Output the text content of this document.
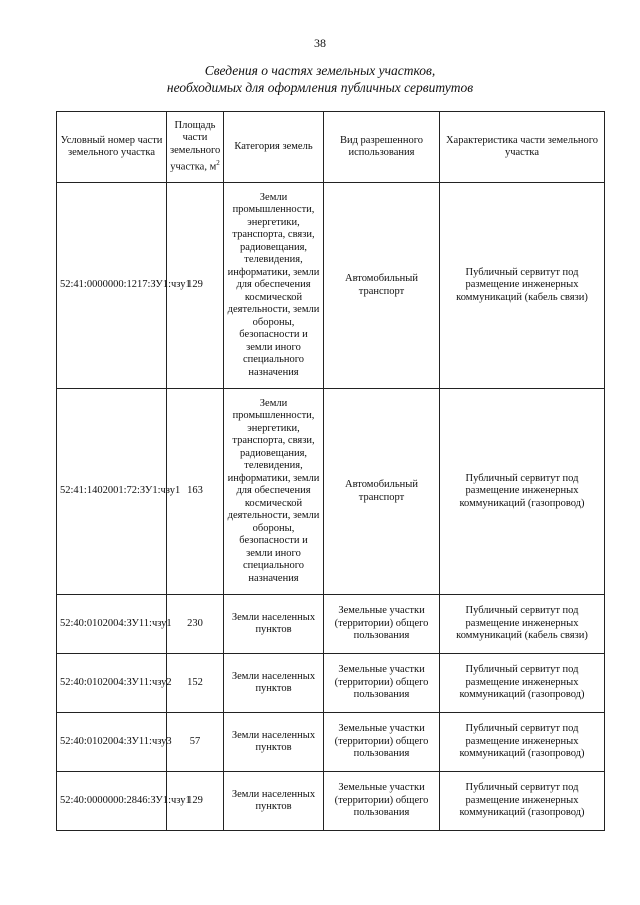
38
Сведения о частях земельных участков,
необходимых для оформления публичных сервитутов
Условный номер части земельного участка	Площадь части земельного участка, $м^2$	Категория земель	Вид разрешенного использования	Характеристика части земельного участка
52:41:0000000:1217:ЗУ1:чзу1	129	Земли промышленности, энергетики, транспорта, связи, радиовещания, телевидения, информатики, земли для обеспечения космической деятельности, земли обороны, безопасности и земли иного специального назначения	Автомобильный транспорт	Публичный сервитут под размещение инженерных коммуникаций (кабель связи)
52:41:1402001:72:ЗУ1:чзу1	163	Земли промышленности, энергетики, транспорта, связи, радиовещания, телевидения, информатики, земли для обеспечения космической деятельности, земли обороны, безопасности и земли иного специального назначения	Автомобильный транспорт	Публичный сервитут под размещение инженерных коммуникаций (газопровод)
52:40:0102004:ЗУ11:чзу1	230	Земли населенных пунктов	Земельные участки (территории) общего пользования	Публичный сервитут под размещение инженерных коммуникаций (кабель связи)
52:40:0102004:ЗУ11:чзу2	152	Земли населенных пунктов	Земельные участки (территории) общего пользования	Публичный сервитут под размещение инженерных коммуникаций (газопровод)
52:40:0102004:ЗУ11:чзу3	57	Земли населенных пунктов	Земельные участки (территории) общего пользования	Публичный сервитут под размещение инженерных коммуникаций (газопровод)
52:40:0000000:2846:ЗУ1:чзу1	129	Земли населенных пунктов	Земельные участки (территории) общего пользования	Публичный сервитут под размещение инженерных коммуникаций (газопровод)
